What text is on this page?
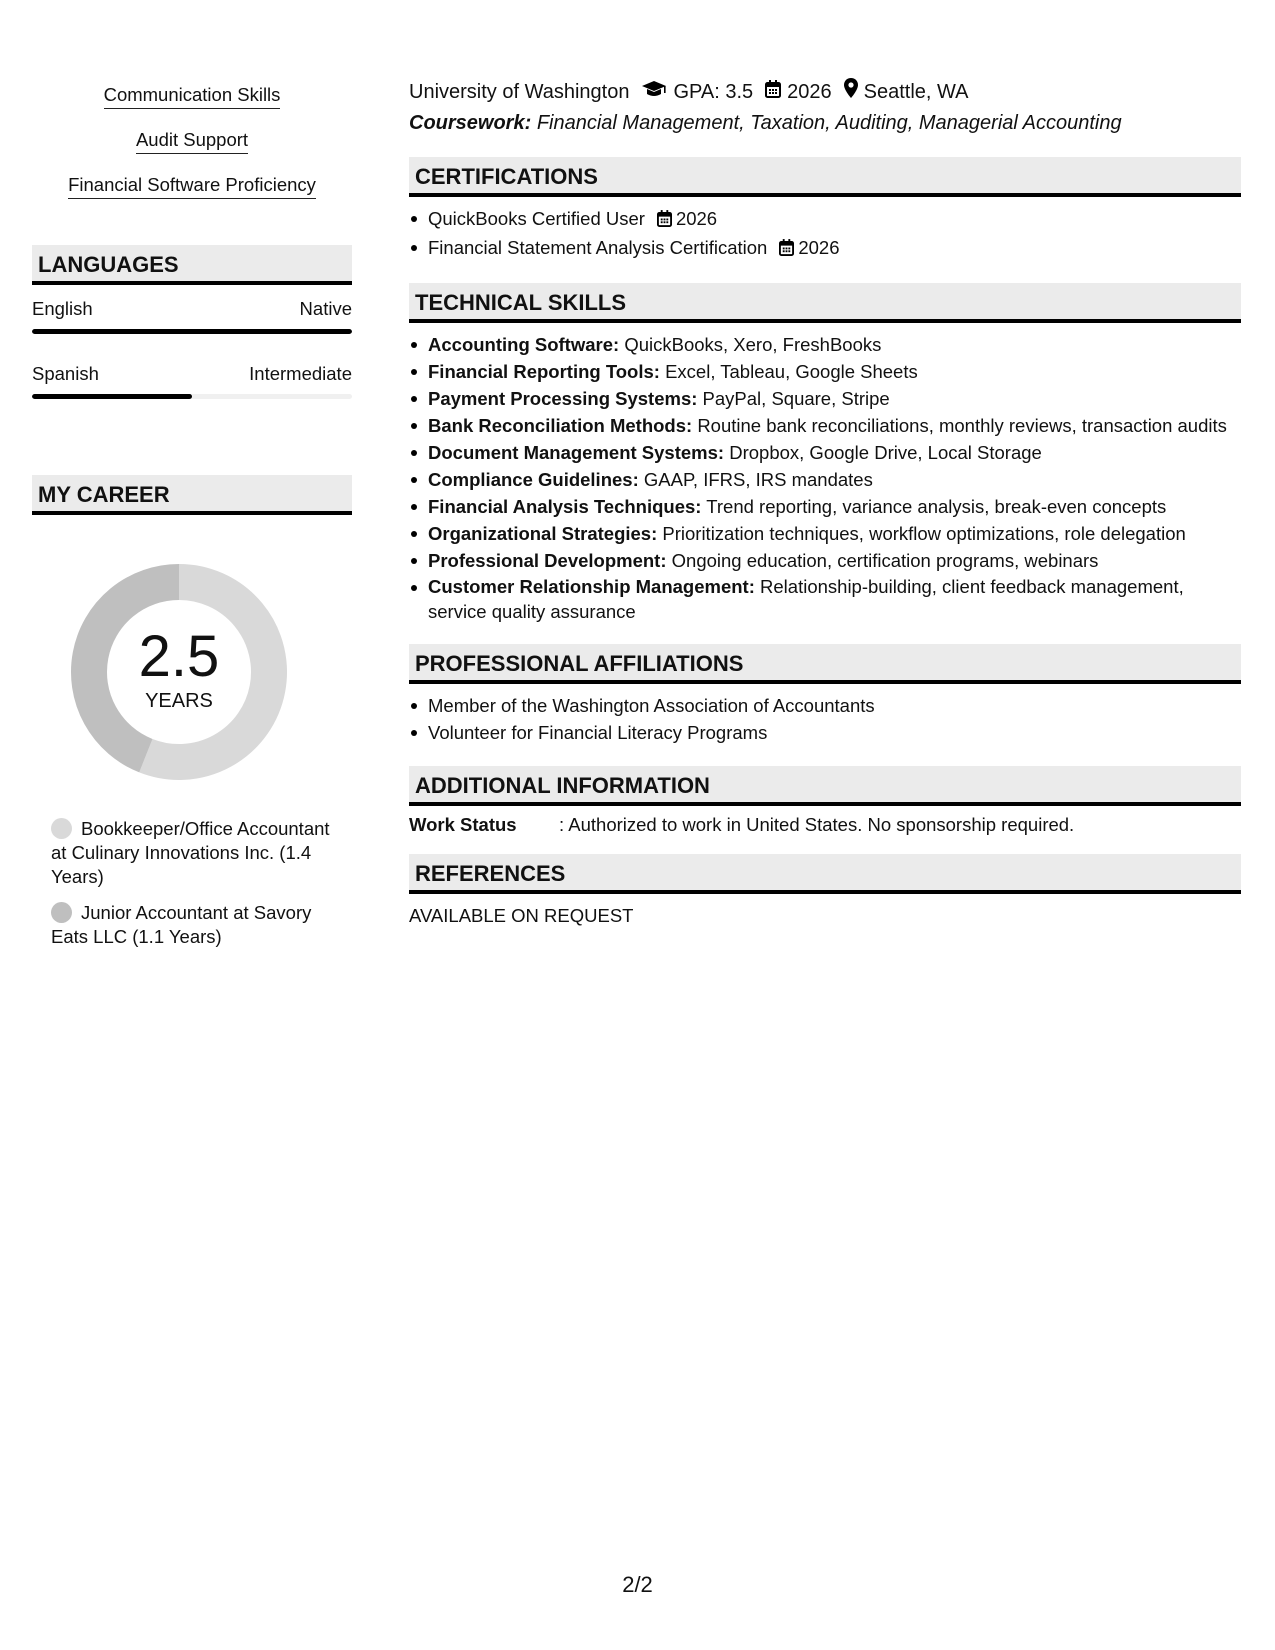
Communication Skills
Audit Support
Financial Software Proficiency
LANGUAGES
English	Native
Spanish	Intermediate
MY CAREER
2.5
YEARS
Bookkeeper/Office Accountant at Culinary Innovations Inc. (1.4 Years)
Junior Accountant at Savory Eats LLC (1.1 Years)
University of Washington GPA: 3.5 2026 Seattle, WA
Coursework: Financial Management, Taxation, Auditing, Managerial Accounting
CERTIFICATIONS
QuickBooks Certified User 2026
Financial Statement Analysis Certification 2026
TECHNICAL SKILLS
Accounting Software: QuickBooks, Xero, FreshBooks
Financial Reporting Tools: Excel, Tableau, Google Sheets
Payment Processing Systems: PayPal, Square, Stripe
Bank Reconciliation Methods: Routine bank reconciliations, monthly reviews, transaction audits
Document Management Systems: Dropbox, Google Drive, Local Storage
Compliance Guidelines: GAAP, IFRS, IRS mandates
Financial Analysis Techniques: Trend reporting, variance analysis, break-even concepts
Organizational Strategies: Prioritization techniques, workflow optimizations, role delegation
Professional Development: Ongoing education, certification programs, webinars
Customer Relationship Management: Relationship-building, client feedback management, service quality assurance
PROFESSIONAL AFFILIATIONS
Member of the Washington Association of Accountants
Volunteer for Financial Literacy Programs
ADDITIONAL INFORMATION
Work Status	: Authorized to work in United States. No sponsorship required.
REFERENCES
AVAILABLE ON REQUEST
2/2
